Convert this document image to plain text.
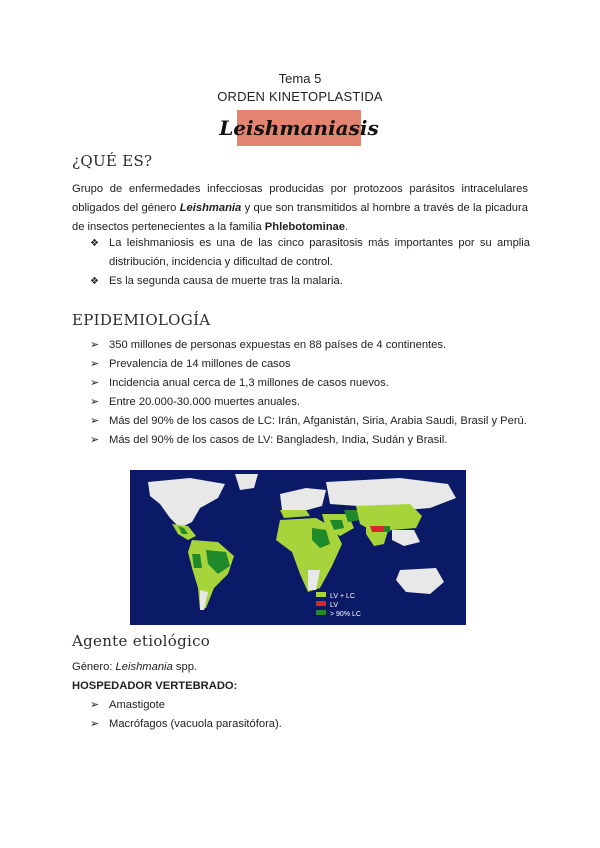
Tema 5
ORDEN KINETOPLASTIDA
Leishmaniasis
¿QUÉ ES?
Grupo de enfermedades infecciosas producidas por protozoos parásitos intracelulares obligados del género Leishmania y que son transmitidos al hombre a través de la picadura de insectos pertenecientes a la familia Phlebotominae.
❖ La leishmaniosis es una de las cinco parasitosis más importantes por su amplia distribución, incidencia y dificultad de control.
❖ Es la segunda causa de muerte tras la malaria.
EPIDEMIOLOGÍA
➢ 350 millones de personas expuestas en 88 países de 4 continentes.
➢ Prevalencia de 14 millones de casos
➢ Incidencia anual cerca de 1,3 millones de casos nuevos.
➢ Entre 20.000-30.000 muertes anuales.
➢ Más del 90% de los casos de LC: Irán, Afganistán, Siria, Arabia Saudi, Brasil y Perú.
➢ Más del 90% de los casos de LV: Bangladesh, India, Sudán y Brasil.
LV + LC
LV
> 90% LC
Agente etiológico
Género: Leishmania spp.
HOSPEDADOR VERTEBRADO:
➢ Amastigote
➢ Macrófagos (vacuola parasitófora).
